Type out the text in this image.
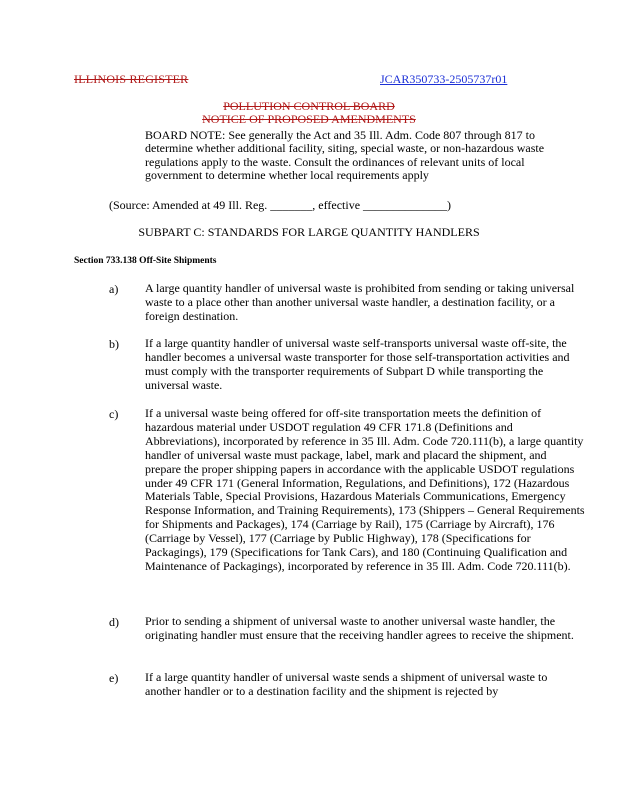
ILLINOIS REGISTER	JCAR350733-2505737r01
POLLUTION CONTROL BOARD
NOTICE OF PROPOSED AMENDMENTS

BOARD NOTE: See generally the Act and 35 Ill. Adm. Code 807 through 817 to determine whether additional facility, siting, special waste, or non-hazardous waste regulations apply to the waste. Consult the ordinances of relevant units of local government to determine whether local requirements apply

(Source: Amended at 49 Ill. Reg. _______, effective ______________)

SUBPART C: STANDARDS FOR LARGE QUANTITY HANDLERS
Section 733.138 Off-Site Shipments
a) A large quantity handler of universal waste is prohibited from sending or taking universal waste to a place other than another universal waste handler, a destination facility, or a foreign destination.

b) If a large quantity handler of universal waste self-transports universal waste off-site, the handler becomes a universal waste transporter for those self-transportation activities and must comply with the transporter requirements of Subpart D while transporting the universal waste.

c) If a universal waste being offered for off-site transportation meets the definition of hazardous material under USDOT regulation 49 CFR 171.8 (Definitions and Abbreviations), incorporated by reference in 35 Ill. Adm. Code 720.111(b), a large quantity handler of universal waste must package, label, mark and placard the shipment, and prepare the proper shipping papers in accordance with the applicable USDOT regulations under 49 CFR 171 (General Information, Regulations, and Definitions), 172 (Hazardous Materials Table, Special Provisions, Hazardous Materials Communications, Emergency Response Information, and Training Requirements), 173 (Shippers – General Requirements for Shipments and Packages), 174 (Carriage by Rail), 175 (Carriage by Aircraft), 176 (Carriage by Vessel), 177 (Carriage by Public Highway), 178 (Specifications for Packagings), 179 (Specifications for Tank Cars), and 180 (Continuing Qualification and Maintenance of Packagings), incorporated by reference in 35 Ill. Adm. Code 720.111(b).

d) Prior to sending a shipment of universal waste to another universal waste handler, the originating handler must ensure that the receiving handler agrees to receive the shipment.

e) If a large quantity handler of universal waste sends a shipment of universal waste to another handler or to a destination facility and the shipment is rejected by
